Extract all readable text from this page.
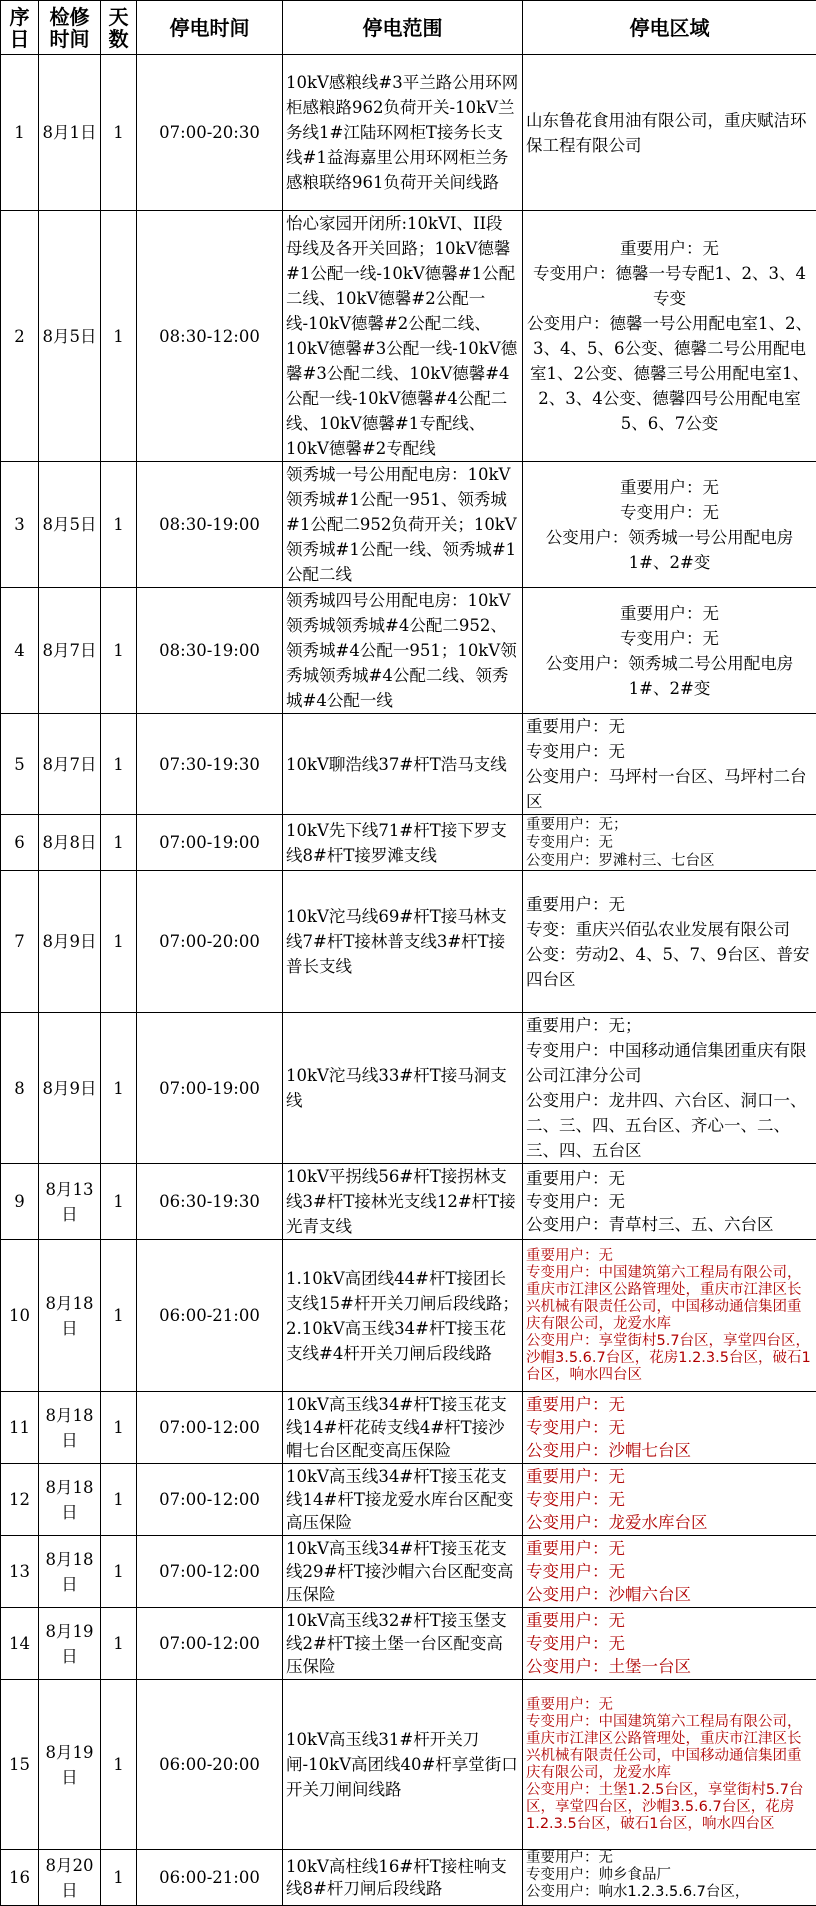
序日	检修时间	天数	停电时间	停电范围	停电区域
1	8月1日	1	07:00-20:30	10kV感粮线#3平兰路公用环网柜感粮路962负荷开关-10kV兰务线1#江陆环网柜T接务长支线#1益海嘉里公用环网柜兰务感粮联络961负荷开关间线路	山东鲁花食用油有限公司，重庆赋洁环保工程有限公司

2	8月5日	1	08:30-12:00	怡心家园开闭所:10kVI、II段母线及各开关回路；10kV德馨#1公配一线-10kV德馨#1公配二线、10kV德馨#2公配一线-10kV德馨#2公配二线、10kV德馨#3公配一线-10kV德馨#3公配二线、10kV德馨#4公配一线-10kV德馨#4公配二线、10kV德馨#1专配线、10kV德馨#2专配线	重要用户：无
专变用户：德馨一号专配1、2、3、4专变
公变用户：德馨一号公用配电室1、2、3、4、5、6公变、德馨二号公用配电室1、2公变、德馨三号公用配电室1、2、3、4公变、德馨四号公用配电室5、6、7公变

3	8月5日	1	08:30-19:00	领秀城一号公用配电房：10kV领秀城#1公配一951、领秀城#1公配二952负荷开关；10kV领秀城#1公配一线、领秀城#1公配二线	重要用户：无
专变用户：无
公变用户：领秀城一号公用配电房1#、2#变

4	8月7日	1	08:30-19:00	领秀城四号公用配电房：10kV领秀城领秀城#4公配二952、领秀城#4公配一951；10kV领秀城领秀城#4公配二线、领秀城#4公配一线	重要用户：无
专变用户：无
公变用户：领秀城二号公用配电房1#、2#变

5	8月7日	1	07:30-19:30	10kV聊浩线37#杆T浩马支线	重要用户：无
专变用户：无
公变用户：马坪村一台区、马坪村二台区

6	8月8日	1	07:00-19:00	10kV先下线71#杆T接下罗支线8#杆T接罗滩支线	重要用户：无；
专变用户：无
公变用户：罗滩村三、七台区

7	8月9日	1	07:00-20:00	10kV沱马线69#杆T接马林支线7#杆T接林普支线3#杆T接普长支线	重要用户：无
专变：重庆兴佰弘农业发展有限公司
公变：劳动2、4、5、7、9台区、普安四台区

8	8月9日	1	07:00-19:00	10kV沱马线33#杆T接马洞支线	重要用户：无；
专变用户：中国移动通信集团重庆有限公司江津分公司
公变用户：龙井四、六台区、洞口一、二、三、四、五台区、齐心一、二、三、四、五台区

9	8月13日	1	06:30-19:30	10kV平拐线56#杆T接拐林支线3#杆T接林光支线12#杆T接光青支线	重要用户：无
专变用户：无
公变用户：青草村三、五、六台区

10	8月18日	1	06:00-21:00	1.10kV高团线44#杆T接团长支线15#杆开关刀闸后段线路；2.10kV高玉线34#杆T接玉花支线#4杆开关刀闸后段线路	重要用户：无
专变用户：中国建筑第六工程局有限公司，重庆市江津区公路管理处，重庆市江津区长兴机械有限责任公司，中国移动通信集团重庆有限公司，龙爱水库
公变用户：享堂街村5.7台区，享堂四台区，沙帽3.5.6.7台区，花房1.2.3.5台区，破石1台区，响水四台区

11	8月18日	1	07:00-12:00	10kV高玉线34#杆T接玉花支线14#杆花砖支线4#杆T接沙帽七台区配变高压保险	重要用户：无
专变用户：无
公变用户：沙帽七台区

12	8月18日	1	07:00-12:00	10kV高玉线34#杆T接玉花支线14#杆T接龙爱水库台区配变高压保险	重要用户：无
专变用户：无
公变用户：龙爱水库台区

13	8月18日	1	07:00-12:00	10kV高玉线34#杆T接玉花支线29#杆T接沙帽六台区配变高压保险	重要用户：无
专变用户：无
公变用户：沙帽六台区

14	8月19日	1	07:00-12:00	10kV高玉线32#杆T接玉堡支线2#杆T接土堡一台区配变高压保险	重要用户：无
专变用户：无
公变用户：土堡一台区

15	8月19日	1	06:00-20:00	10kV高玉线31#杆开关刀闸-10kV高团线40#杆享堂街口开关刀闸间线路	重要用户：无
专变用户：中国建筑第六工程局有限公司，重庆市江津区公路管理处，重庆市江津区长兴机械有限责任公司，中国移动通信集团重庆有限公司，龙爱水库
公变用户：土堡1.2.5台区，享堂街村5.7台区，享堂四台区，沙帽3.5.6.7台区，花房1.2.3.5台区，破石1台区，响水四台区

16	8月20日	1	06:00-21:00	10kV高柱线16#杆T接柱响支线8#杆刀闸后段线路	重要用户：无
专变用户：帅乡食品厂
公变用户：响水1.2.3.5.6.7台区，
